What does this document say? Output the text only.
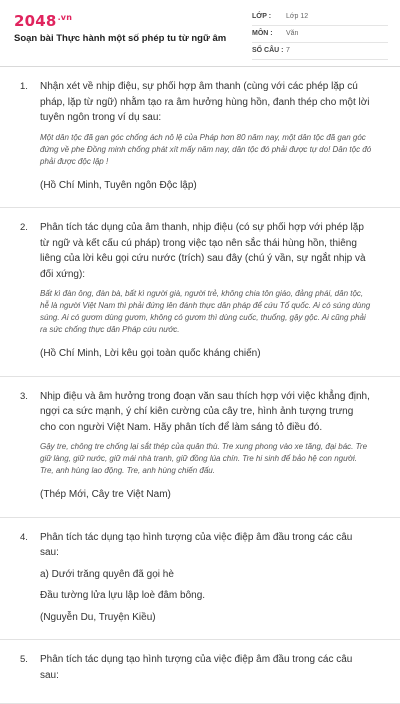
$2048^{.vn}$
Soạn bài Thực hành một số phép tu từ ngữ âm
LỚP :	Lớp 12
MÔN :	Văn
SỐ CÂU : 7
1. Nhận xét về nhịp điệu, sự phối hợp âm thanh (cùng với các phép lặp cú pháp, lặp từ ngữ) nhằm tạo ra âm hưởng hùng hồn, đanh thép cho một lời tuyên ngôn trong ví dụ sau:

Một dân tộc đã gan góc chống ách nô lệ của Pháp hơn 80 năm nay, một dân tộc đã gan góc đứng về phe Đồng minh chống phát xít mấy năm nay, dân tộc đó phải được tự do! Dân tộc đó phải được độc lập !

(Hồ Chí Minh, Tuyên ngôn Độc lập)

2. Phân tích tác dụng của âm thanh, nhịp điệu (có sự phối hợp với phép lặp từ ngữ và kết cấu cú pháp) trong việc tạo nên sắc thái hùng hồn, thiêng liêng của lời kêu gọi cứu nước (trích) sau đây (chú ý vần, sự ngắt nhịp và đối xứng):

Bất kì đàn ông, đàn bà, bất kì người già, người trẻ, không chia tôn giáo, đảng phái, dân tộc, hễ là người Việt Nam thì phải đứng lên đánh thực dân pháp để cứu Tổ quốc. Ai có súng dùng súng. Ai có gươm dùng gươm, không có gươm thì dùng cuốc, thuổng, gậy gộc. Ai cũng phải ra sức chống thực dân Pháp cứu nước.

(Hồ Chí Minh, Lời kêu gọi toàn quốc kháng chiến)

3. Nhịp điệu và âm hưởng trong đoạn văn sau thích hợp với việc khẳng định, ngợi ca sức mạnh, ý chí kiên cường của cây tre, hình ảnh tượng trưng cho con người Việt Nam. Hãy phân tích để làm sáng tỏ điều đó.

Gậy tre, chông tre chống lại sắt thép của quân thù. Tre xung phong vào xe tăng, đại bác. Tre giữ làng, giữ nước, giữ mái nhà tranh, giữ đồng lúa chín. Tre hi sinh để bảo hệ con người. Tre, anh hùng lao động. Tre, anh hùng chiến đấu.

(Thép Mới, Cây tre Việt Nam)

4. Phân tích tác dụng tạo hình tượng của việc điệp âm đầu trong các câu sau:

a) Dưới trăng quyên đã gọi hè

Đầu tường lửa lựu lập loè đâm bông.

(Nguyễn Du, Truyện Kiều)

5. Phân tích tác dụng tạo hình tượng của việc điệp âm đầu trong các câu sau:
